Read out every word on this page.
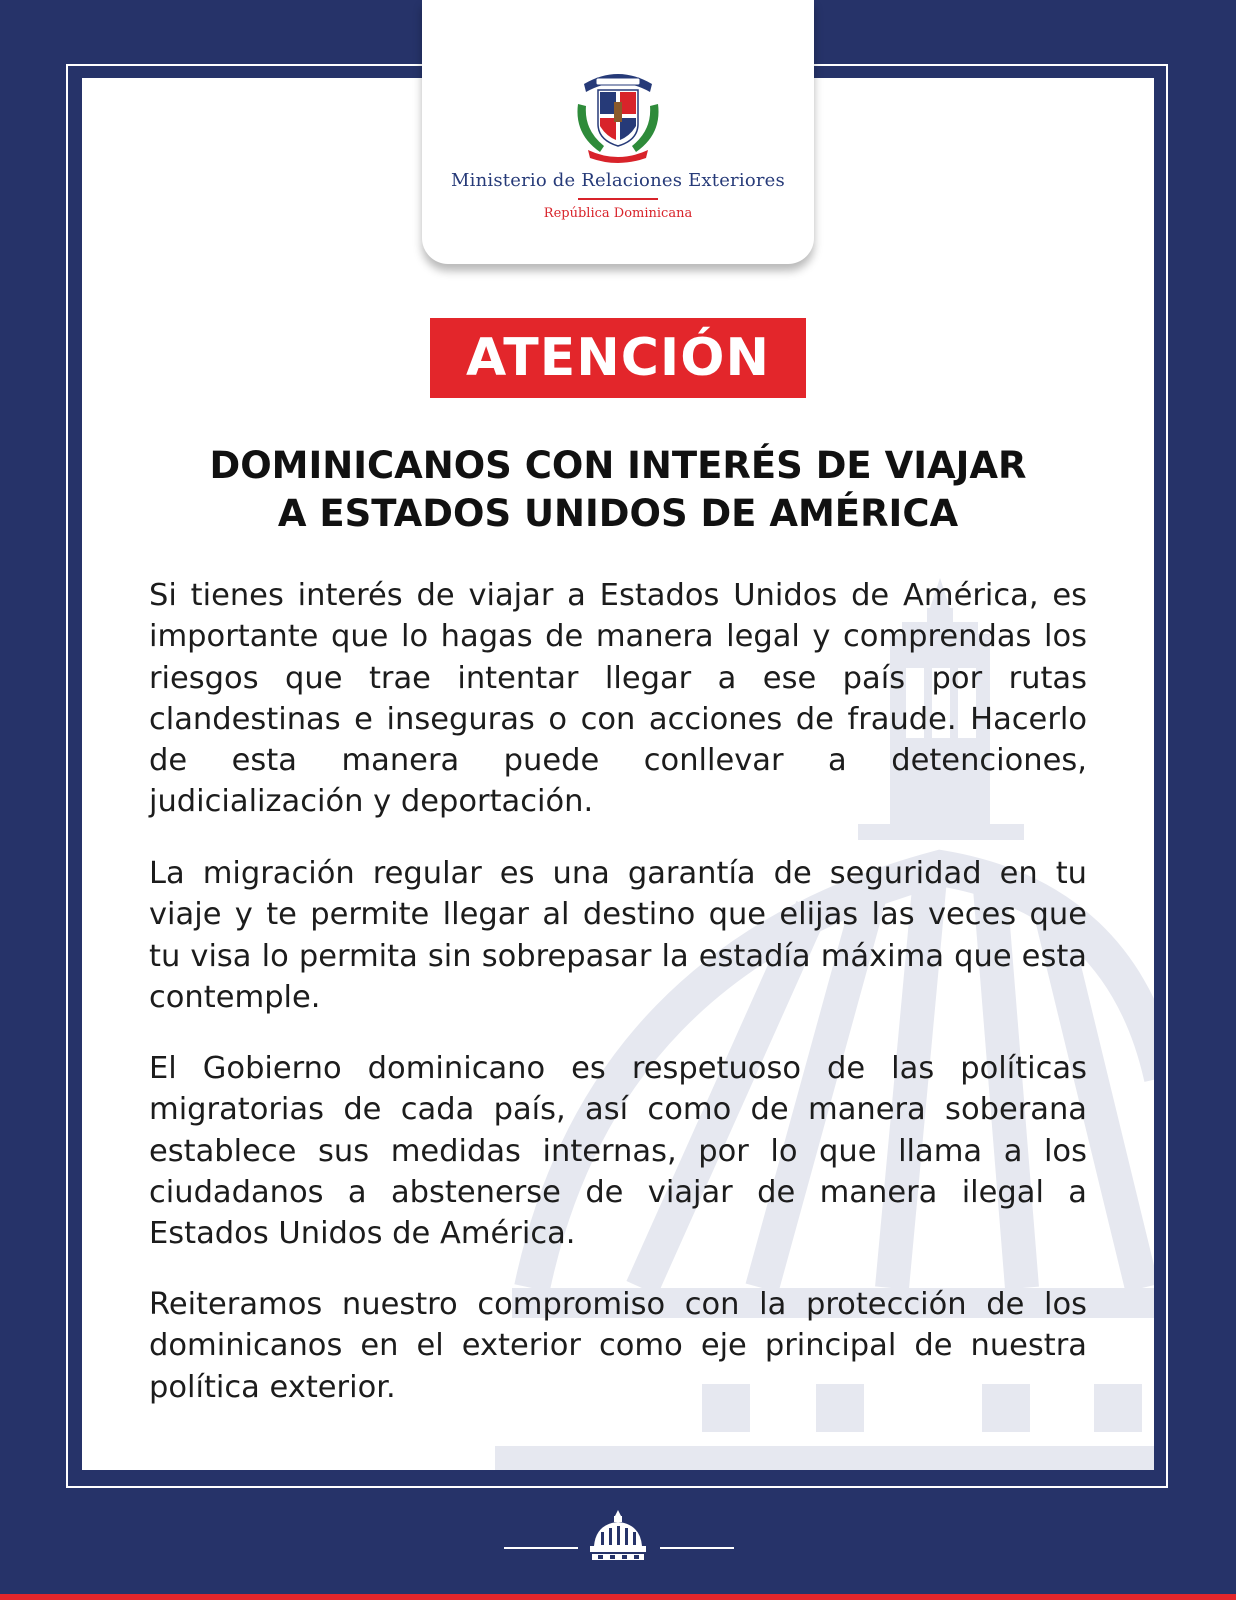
Ministerio de Relaciones Exteriores
República Dominicana
ATENCIÓN
DOMINICANOS CON INTERÉS DE VIAJAR
A ESTADOS UNIDOS DE AMÉRICA
Si tienes interés de viajar a Estados Unidos de América, es importante que lo hagas de manera legal y comprendas los riesgos que trae intentar llegar a ese país por rutas clandestinas e inseguras o con acciones de fraude. Hacerlo de esta manera puede conllevar a detenciones, judicialización y deportación.
La migración regular es una garantía de seguridad en tu viaje y te permite llegar al destino que elijas las veces que tu visa lo permita sin sobrepasar la estadía máxima que esta contemple.
El Gobierno dominicano es respetuoso de las políticas migratorias de cada país, así como de manera soberana establece sus medidas internas, por lo que llama a los ciudadanos a abstenerse de viajar de manera ilegal a Estados Unidos de América.
Reiteramos nuestro compromiso con la protección de los dominicanos en el exterior como eje principal de nuestra política exterior.
